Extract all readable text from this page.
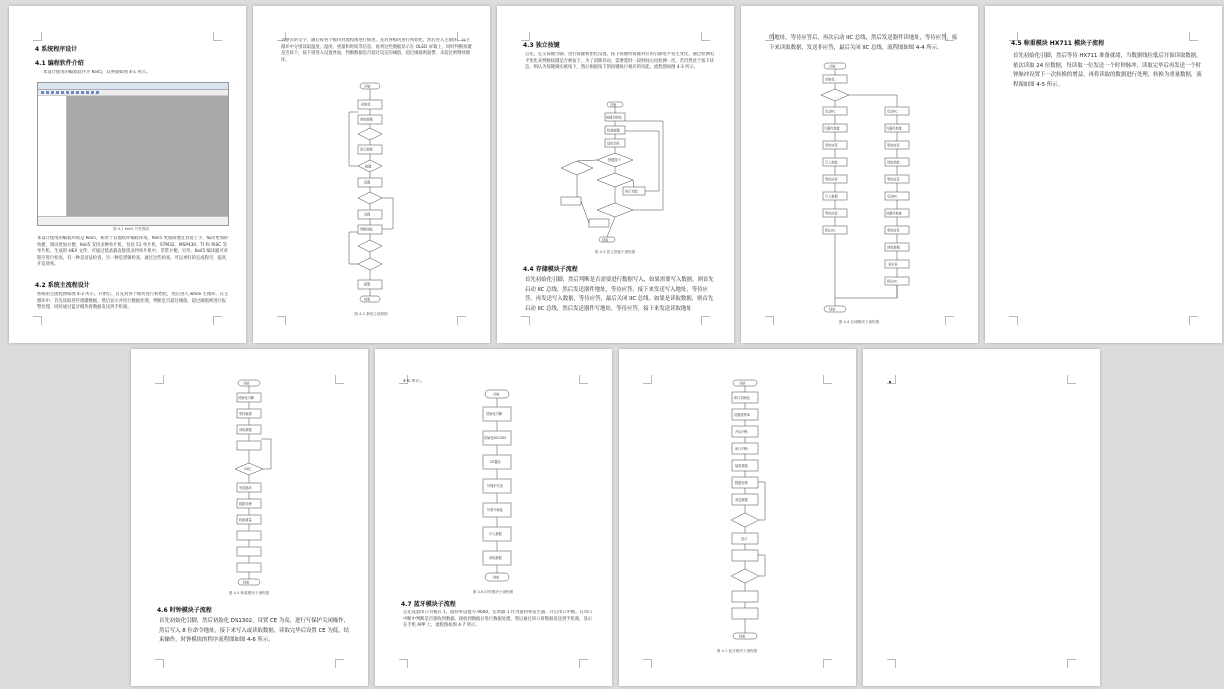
4 系统程序设计
4.1 编程软件介绍
本设计使用的编程软件为 Keil5，其界面如图 4-1 所示。
图 4-1 Keil5 开发界面
本设计使用的编程环境是 Keil5，相对于其他软件编程环境，Keil5 更加简便且容易上手，编译更加的快捷，调试更加方便，Keil5 支持多种单片机，包括 51 单片机、STM32、MSP430、TI 和 RISC 等单片机，生成的 HEX 文件，可通过烧录器直接烧录到单片机中，非常方便。另外，Keil5 编译器可对程序进行检查，有一种是语法检查，另一种是逻辑检查，通过这些检查，可以更好的完成程序，提高开发效率。
4.2 系统主流程设计
系统的主流程图如图 4-2 所示。开始后，首先对各个模块进行初始化，然后进入 while 主循环。在主循环中，首先读取各传感器数据，然后显示并进行数据处理，判断是否超过阈值，超过阈值则进行报警处理，同时通过蓝牙模块将数据发送到手机端。
为整页的文字，随后按各个模块对流程图进行描述。先对各模块进行初始化，然后进入主循环，在主循环中分别读取温度、湿度、重量和时间等信息，再将这些数据显示在 OLED 屏幕上，同时判断按键是否按下，按下则进入设置界面，判断数据是否超过设定的阈值，超过阈值则报警，未超过则继续循环。
开始
初始化
读取数据
显示数据
按键
设置
处理
判断阈值
报警
结束
图 4-2 系统主流程图
4.3 独立按键
首先，定义按键引脚，进行按键初始化设置。按下按键时按键对应的引脚电平发生变化，通过检测电平变化来判断按键是否被按下，为了消除抖动，需要延时一段时间后再检测一次，若仍然处于按下状态，则认为按键确实被按下，然后根据按下的按键执行相应的功能。流程图如图 4-3 所示。
开始
按键初始化
检测按键
延时消抖
按键按下
执行功能
结束
图 4-3 独立按键子流程图
4.4 存储模块子流程
首先初始化引脚，然后判断是否需要进行数据写入，如果需要写入数据，则首先启动 IIC 总线，然后发送器件地址，等待应答，接下来发送写入地址，等待应答，再发送写入数据，等待应答，最后关闭 IIC 总线。如果是读取数据，则首先启动 IIC 总线，然后发送器件写地址，等待应答，接下来发送读取地址
的地址，等待应答后，再次启动 IIC 总线，然后发送器件读地址，等待应答，接下来读取数据，发送非应答，最后关闭 IIC 总线，流程图如图 4-4 所示。
开始
初始化
启动IIC
写器件地址
等待应答
写入地址
等待应答
写入数据
等待应答
停止IIC
结束
启动IIC
写器件地址
等待应答
读取地址
等待应答
启动IIC
读器件地址
等待应答
读取数据
非应答
停止IIC
图 4-4 存储模块子流程图
4.5 称重模块 HX711 模块子流程
首先初始化引脚，然后等待 HX711 准备就绪，当数据线拉低后开始读取数据，依次读取 24 位数据，每读取一位发送一个时钟脉冲，读取完毕后再发送一个时钟脉冲设置下一次转换的增益，再将读取的数据进行处理，转换为重量数据，流程图如图 4-5 所示。
开始
初始化引脚
等待就绪
读取数据
24位
发送脉冲
数据处理
转换重量
结束
图 4-5 称重模块子流程图
4.6 时钟模块子流程
首先初始化引脚，然后初始化 DS1302，设置 CE 为高，进行写保护关闭操作，然后写入 8 位命令地址，接下来写入或读取数据，读取完毕后设置 CE 为低，结束操作，时钟模块的程序流程图如图 4-6 所示。
4-6 所示。
开始
初始化引脚
初始化DS1302
CE置高
写保护关闭
写命令地址
写入数据
读取数据
结束
图 4-6 时钟模块子流程图
4.7 蓝牙模块子流程
首先设置串口为模式 1，波特率设置为 9600，定时器 1 作为波特率发生器，开启串口中断。在串口中断中判断是否接收到数据，接收到数据后进行数据处理，然后通过串口将数据发送到手机端，显示在手机 APP 上，流程图如图 4-7 所示。
开始
串口初始化
设置波特率
开启中断
串口中断
接收数据
数据处理
发送数据
显示
结束
图 4-7 蓝牙模块子流程图
